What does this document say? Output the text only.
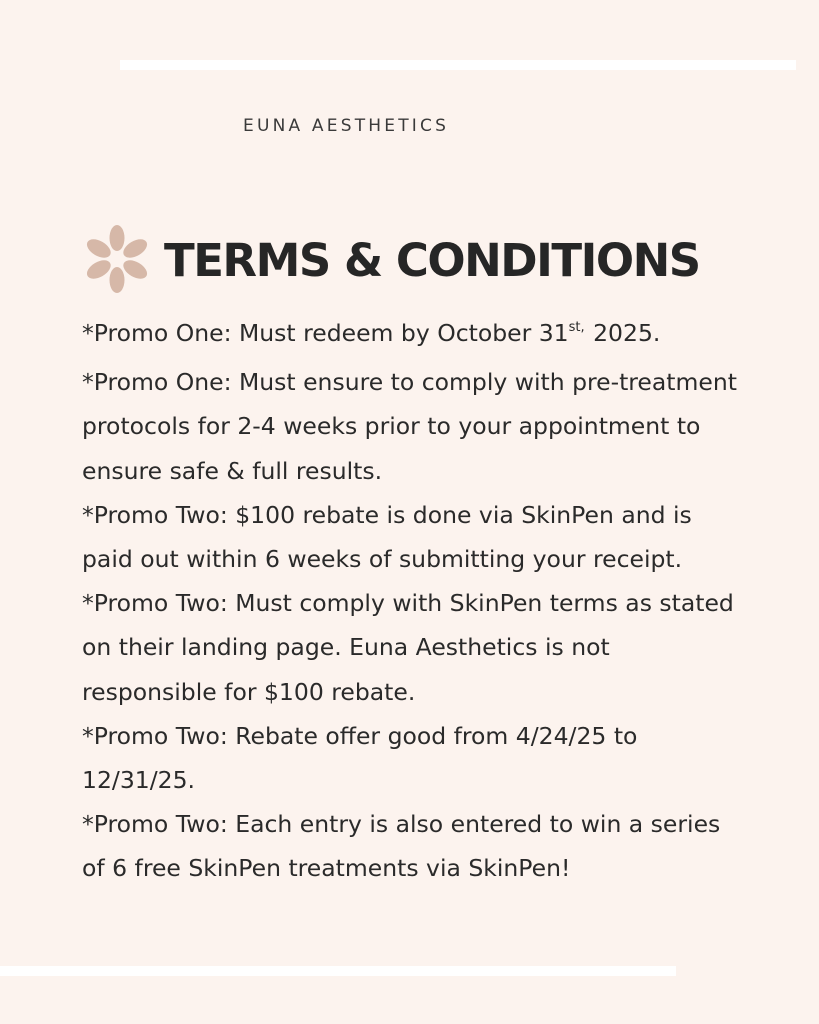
EUNA AESTHETICS
TERMS & CONDITIONS
*Promo One: Must redeem by October $31^{st,}$ 2025.
*Promo One: Must ensure to comply with pre-treatment protocols for 2-4 weeks prior to your appointment to ensure safe & full results.
*Promo Two: $100 rebate is done via SkinPen and is paid out within 6 weeks of submitting your receipt.
*Promo Two: Must comply with SkinPen terms as stated on their landing page. Euna Aesthetics is not responsible for $100 rebate.
*Promo Two: Rebate offer good from 4/24/25 to 12/31/25.
*Promo Two: Each entry is also entered to win a series of 6 free SkinPen treatments via SkinPen!
